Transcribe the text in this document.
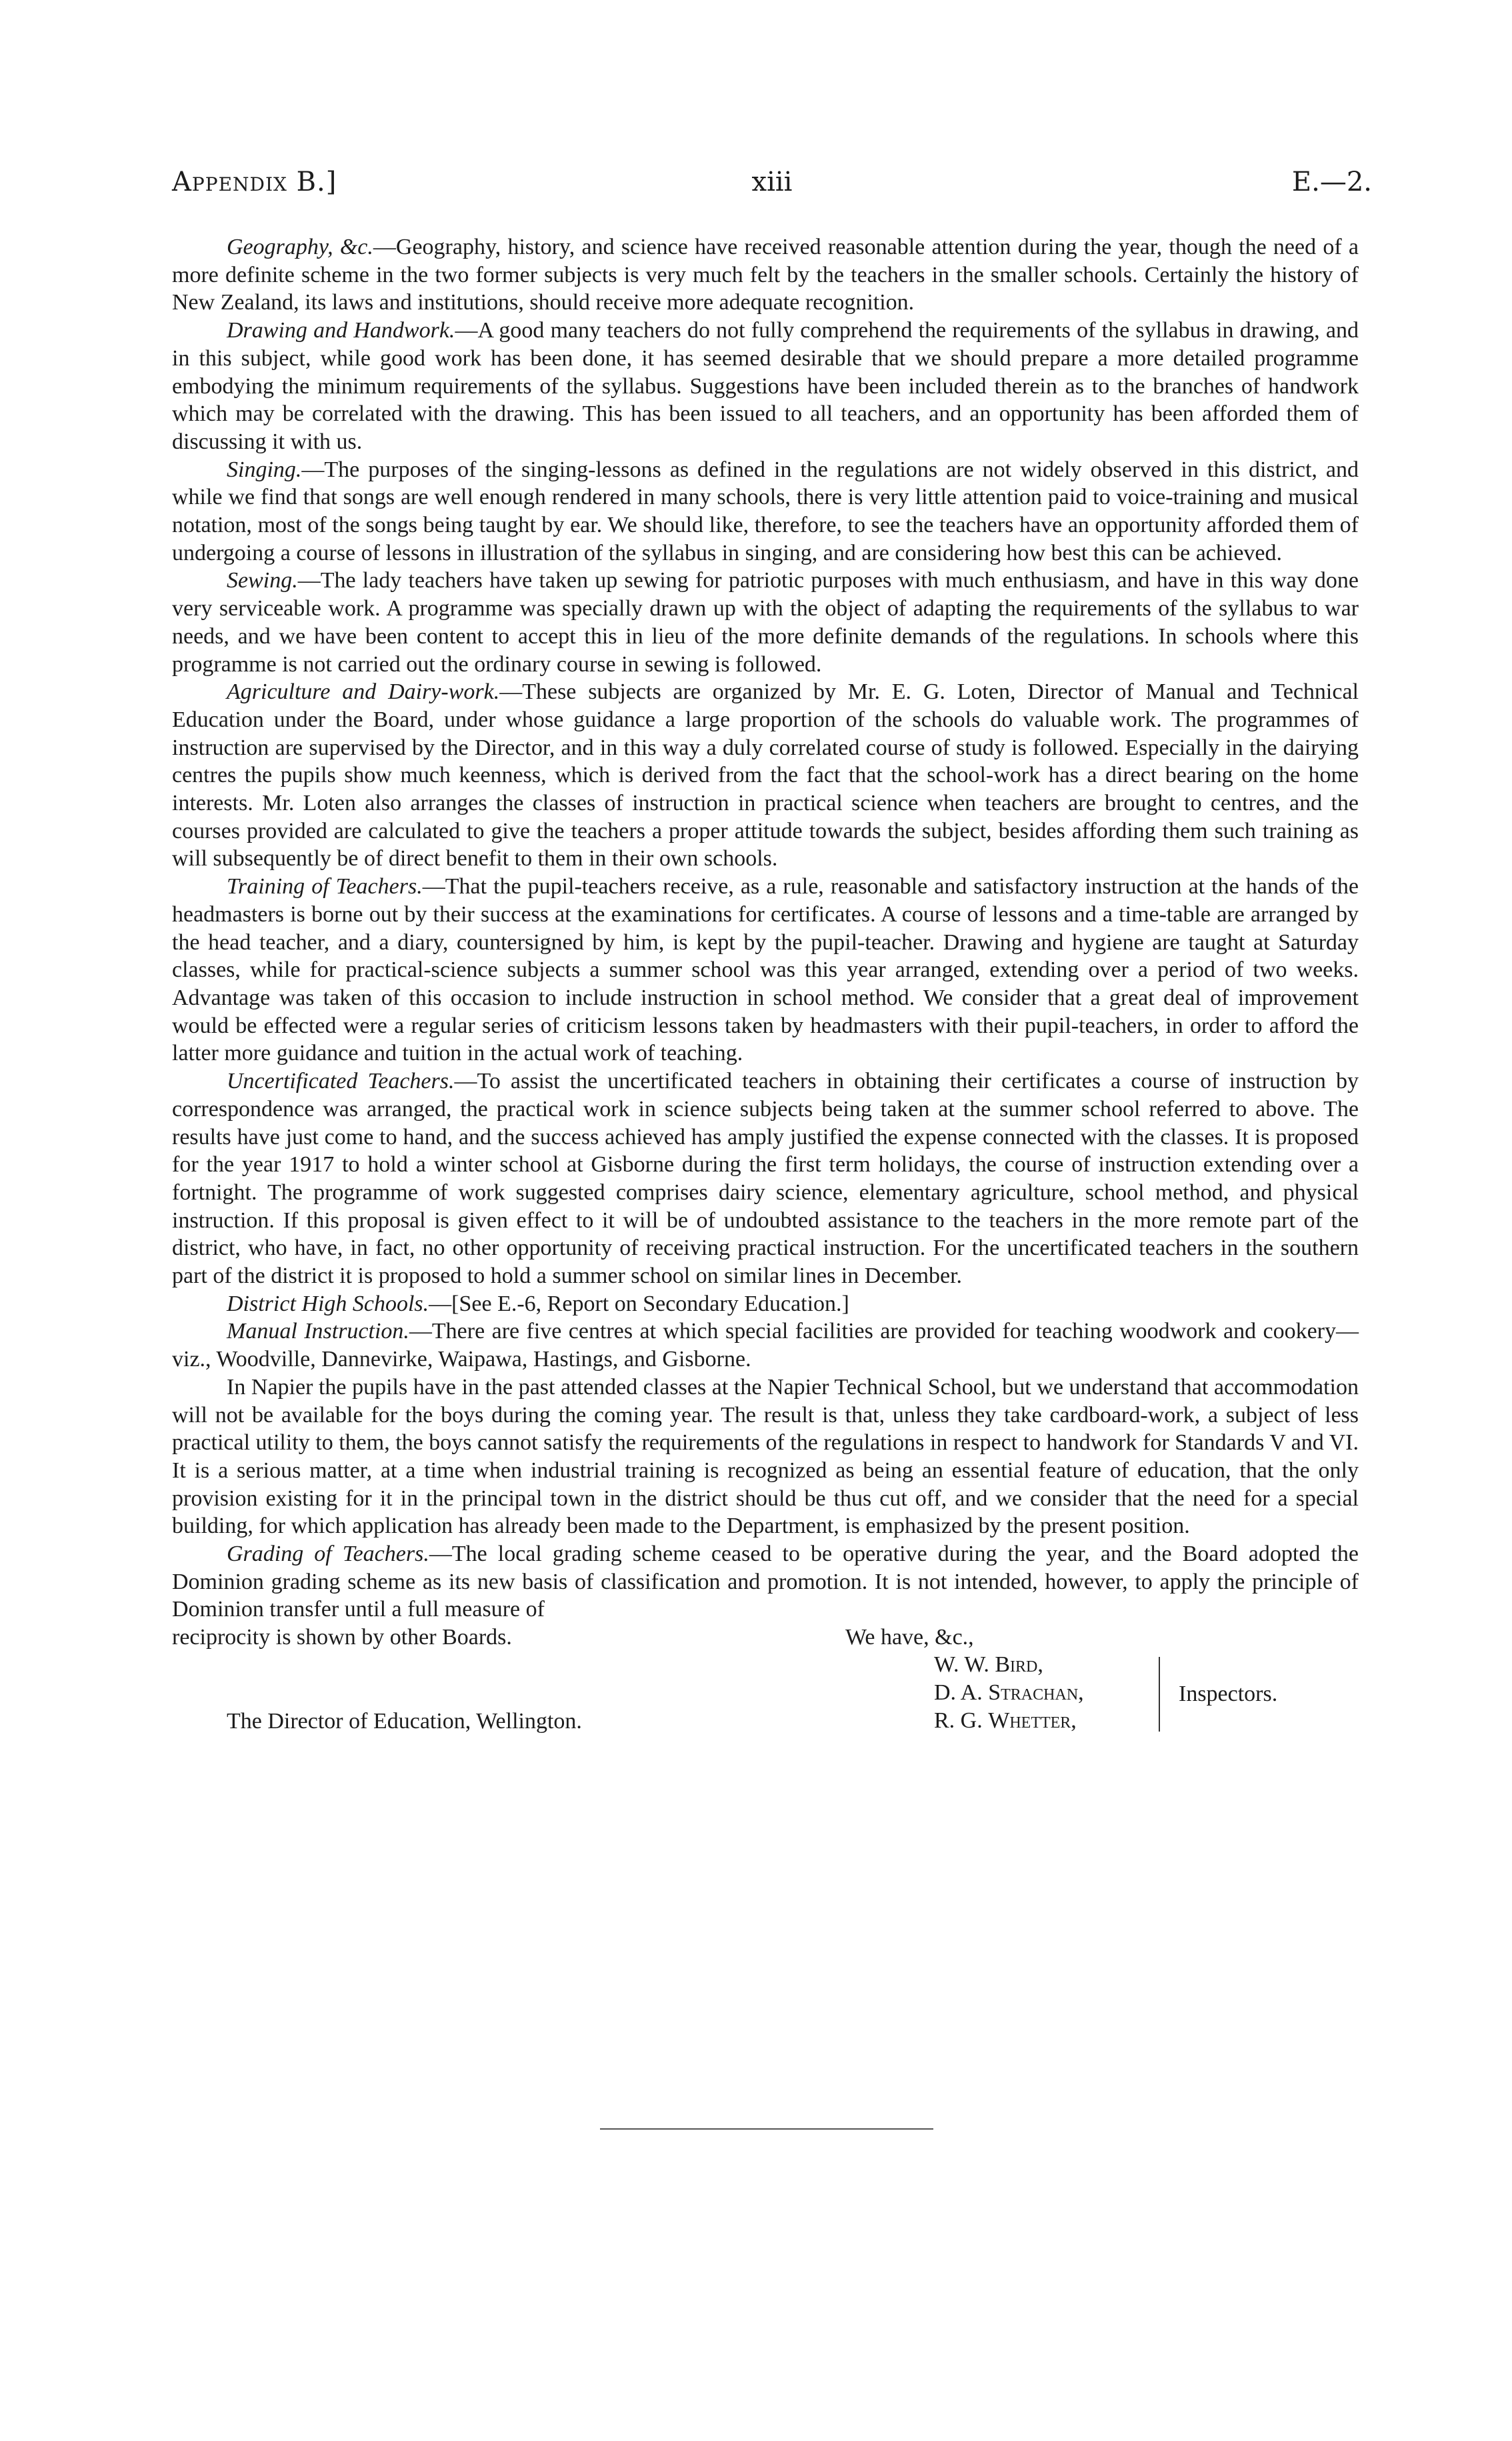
Appendix B.]	xiii	E.—2.

Geography, &c.—Geography, history, and science have received reasonable attention during the year, though the need of a more definite scheme in the two former subjects is very much felt by the teachers in the smaller schools. Certainly the history of New Zealand, its laws and institutions, should receive more adequate recognition.

Drawing and Handwork.—A good many teachers do not fully comprehend the requirements of the syllabus in drawing, and in this subject, while good work has been done, it has seemed desirable that we should prepare a more detailed programme embodying the minimum requirements of the syllabus. Suggestions have been included therein as to the branches of handwork which may be correlated with the drawing. This has been issued to all teachers, and an opportunity has been afforded them of discussing it with us.

Singing.—The purposes of the singing-lessons as defined in the regulations are not widely observed in this district, and while we find that songs are well enough rendered in many schools, there is very little attention paid to voice-training and musical notation, most of the songs being taught by ear. We should like, therefore, to see the teachers have an opportunity afforded them of undergoing a course of lessons in illustration of the syllabus in singing, and are considering how best this can be achieved.

Sewing.—The lady teachers have taken up sewing for patriotic purposes with much enthusiasm, and have in this way done very serviceable work. A programme was specially drawn up with the object of adapting the requirements of the syllabus to war needs, and we have been content to accept this in lieu of the more definite demands of the regulations. In schools where this programme is not carried out the ordinary course in sewing is followed.

Agriculture and Dairy-work.—These subjects are organized by Mr. E. G. Loten, Director of Manual and Technical Education under the Board, under whose guidance a large proportion of the schools do valuable work. The programmes of instruction are supervised by the Director, and in this way a duly correlated course of study is followed. Especially in the dairying centres the pupils show much keenness, which is derived from the fact that the school-work has a direct bearing on the home interests. Mr. Loten also arranges the classes of instruction in practical science when teachers are brought to centres, and the courses provided are calculated to give the teachers a proper attitude towards the subject, besides affording them such training as will subsequently be of direct benefit to them in their own schools.

Training of Teachers.—That the pupil-teachers receive, as a rule, reasonable and satisfactory instruction at the hands of the headmasters is borne out by their success at the examinations for certificates. A course of lessons and a time-table are arranged by the head teacher, and a diary, countersigned by him, is kept by the pupil-teacher. Drawing and hygiene are taught at Saturday classes, while for practical-science subjects a summer school was this year arranged, extending over a period of two weeks. Advantage was taken of this occasion to include instruction in school method. We consider that a great deal of improvement would be effected were a regular series of criticism lessons taken by headmasters with their pupil-teachers, in order to afford the latter more guidance and tuition in the actual work of teaching.

Uncertificated Teachers.—To assist the uncertificated teachers in obtaining their certificates a course of instruction by correspondence was arranged, the practical work in science subjects being taken at the summer school referred to above. The results have just come to hand, and the success achieved has amply justified the expense connected with the classes. It is proposed for the year 1917 to hold a winter school at Gisborne during the first term holidays, the course of instruction extending over a fortnight. The programme of work suggested comprises dairy science, elementary agriculture, school method, and physical instruction. If this proposal is given effect to it will be of undoubted assistance to the teachers in the more remote part of the district, who have, in fact, no other opportunity of receiving practical instruction. For the uncertificated teachers in the southern part of the district it is proposed to hold a summer school on similar lines in December.

District High Schools.—[See E.-6, Report on Secondary Education.]

Manual Instruction.—There are five centres at which special facilities are provided for teaching woodwork and cookery—viz., Woodville, Dannevirke, Waipawa, Hastings, and Gisborne.

In Napier the pupils have in the past attended classes at the Napier Technical School, but we understand that accommodation will not be available for the boys during the coming year. The result is that, unless they take cardboard-work, a subject of less practical utility to them, the boys cannot satisfy the requirements of the regulations in respect to handwork for Standards V and VI. It is a serious matter, at a time when industrial training is recognized as being an essential feature of education, that the only provision existing for it in the principal town in the district should be thus cut off, and we consider that the need for a special building, for which application has already been made to the Department, is emphasized by the present position.

Grading of Teachers.—The local grading scheme ceased to be operative during the year, and the Board adopted the Dominion grading scheme as its new basis of classification and promotion. It is not intended, however, to apply the principle of Dominion transfer until a full measure of

reciprocity is shown by other Boards.	We have, &c.,
W. W. Bird,
D. A. Strachan,
R. G. Whetter,
Inspectors.
The Director of Education, Wellington.
